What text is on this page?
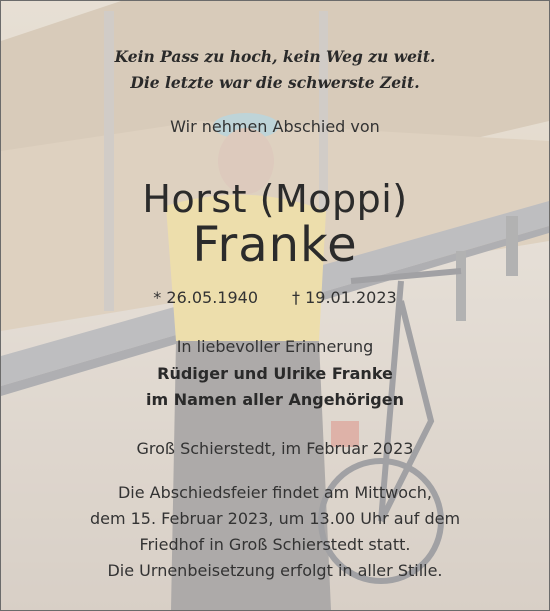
Kein Pass zu hoch, kein Weg zu weit.
Die letzte war die schwerste Zeit.
Wir nehmen Abschied von
Horst (Moppi)
Franke
* 26.05.1940 † 19.01.2023
In liebevoller Erinnerung
Rüdiger und Ulrike Franke
im Namen aller Angehörigen
Groß Schierstedt, im Februar 2023
Die Abschiedsfeier findet am Mittwoch,
dem 15. Februar 2023, um 13.00 Uhr auf dem
Friedhof in Groß Schierstedt statt.
Die Urnenbeisetzung erfolgt in aller Stille.
